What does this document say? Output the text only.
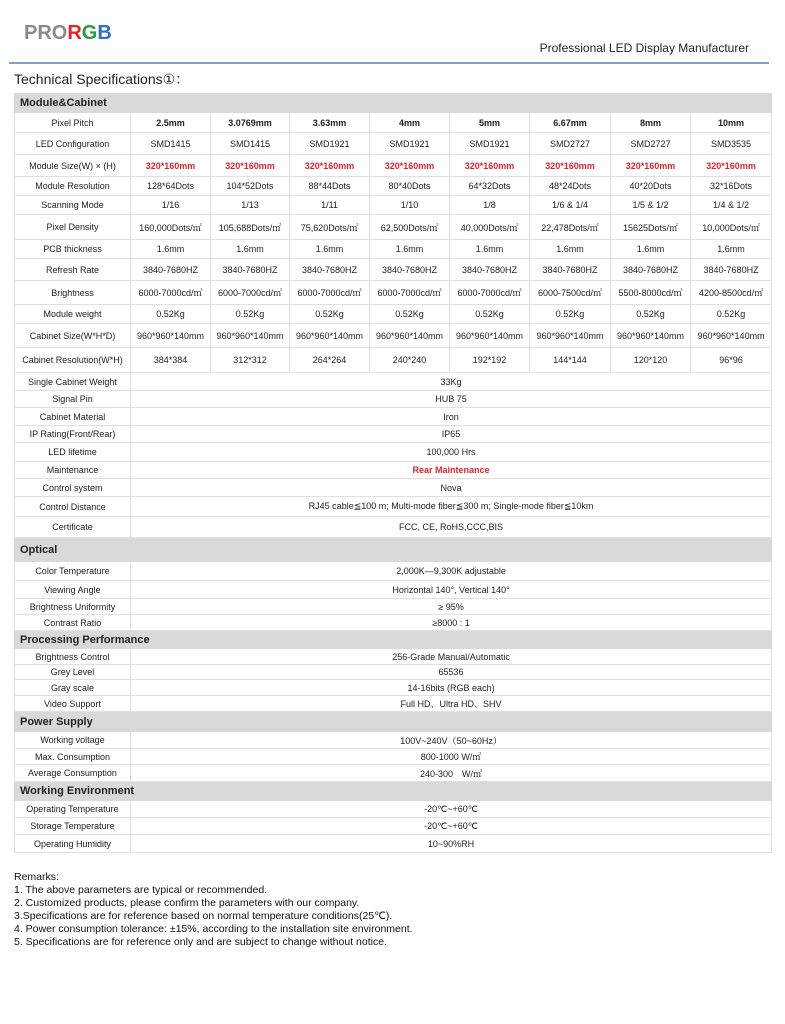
PRORGB
Professional LED Display Manufacturer
Technical Specifications①：
Module&Cabinet								
Pixel Pitch	2.5mm	3.0769mm	3.63mm	4mm	5mm	6.67mm	8mm	10mm
LED Configuration	SMD1415	SMD1415	SMD1921	SMD1921	SMD1921	SMD2727	SMD2727	SMD3535
Module Size(W) × (H)	320*160mm	320*160mm	320*160mm	320*160mm	320*160mm	320*160mm	320*160mm	320*160mm
Module Resolution	128*64Dots	104*52Dots	88*44Dots	80*40Dots	64*32Dots	48*24Dots	40*20Dots	32*16Dots
Scanning Mode	1/16	1/13	1/11	1/10	1/8	1/6 & 1/4	1/5 & 1/2	1/4 & 1/2
Pixel Density	160,000Dots/㎡	105,688Dots/㎡	75,620Dots/㎡	62,500Dots/㎡	40,000Dots/㎡	22,478Dots/㎡	15625Dots/㎡	10,000Dots/㎡
PCB thickness	1.6mm	1.6mm	1.6mm	1.6mm	1.6mm	1.6mm	1.6mm	1.6mm
Refresh Rate	3840-7680HZ	3840-7680HZ	3840-7680HZ	3840-7680HZ	3840-7680HZ	3840-7680HZ	3840-7680HZ	3840-7680HZ
Brightness	6000-7000cd/㎡	6000-7000cd/㎡	6000-7000cd/㎡	6000-7000cd/㎡	6000-7000cd/㎡	6000-7500cd/㎡	5500-8000cd/㎡	4200-8500cd/㎡
Module weight	0.52Kg	0.52Kg	0.52Kg	0.52Kg	0.52Kg	0.52Kg	0.52Kg	0.52Kg
Cabinet Size(W*H*D)	960*960*140mm	960*960*140mm	960*960*140mm	960*960*140mm	960*960*140mm	960*960*140mm	960*960*140mm	960*960*140mm
Cabinet Resolution(W*H)	384*384	312*312	264*264	240*240	192*192	144*144	120*120	96*96
Single Cabinet Weight	33Kg							
Signal Pin	HUB 75							
Cabinet Material	Iron							
IP Rating(Front/Rear)	IP65							
LED lifetime	100,000 Hrs							
Maintenance	Rear Maintenance							
Control system	Nova							
Control Distance	RJ45 cable≦100 m; Multi-mode fiber≦300 m; Single-mode fiber≦10km							
Certificate	FCC, CE, RoHS,CCC,BIS							
Optical								
Color Temperature	2,000K—9,300K adjustable							
Viewing Angle	Horizontal 140°, Vertical 140°							
Brightness Uniformity	≥ 95%							
Contrast Ratio	≥8000 : 1							
Processing Performance								
Brightness Control	256-Grade Manual/Automatic							
Grey Level	65536							
Gray scale	14-16bits (RGB each)							
Video Support	Full HD、Ultra HD、SHV							
Power Supply								
Working voltage	100V~240V（50~60Hz）							
Max. Consumption	800-1000 W/㎡							
Average Consumption	240-300　W/㎡							
Working Environment								
Operating Temperature	-20℃~+60℃							
Storage Temperature	-20℃~+60℃							
Operating Humidity	10~90%RH							
Remarks:
1. The above parameters are typical or recommended.
2. Customized products, please confirm the parameters with our company.
3.Specifications are for reference based on normal temperature conditions(25℃).
4. Power consumption tolerance: ±15%, according to the installation site environment.
5. Specifications are for reference only and are subject to change without notice.
